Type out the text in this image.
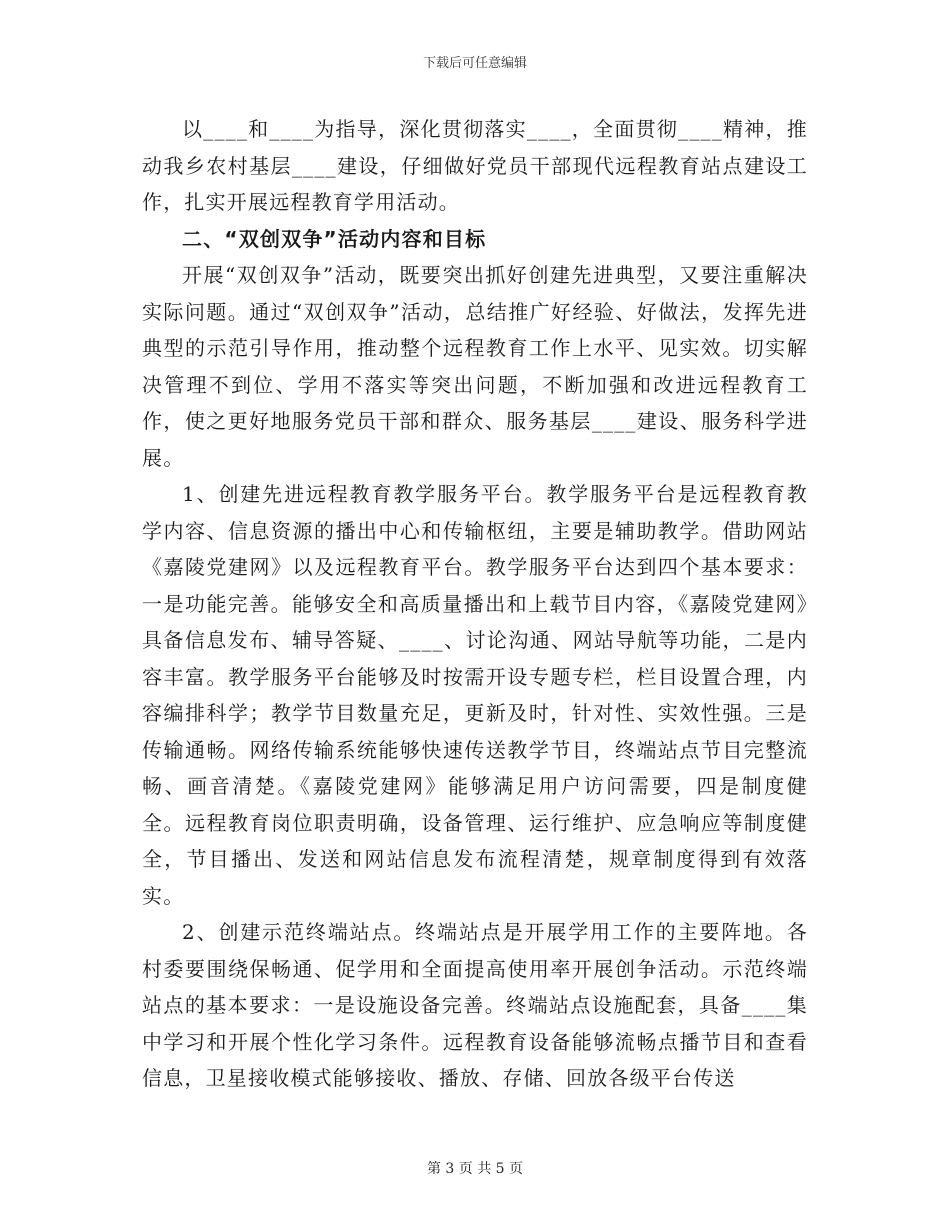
下载后可任意编辑

以____和____为指导，深化贯彻落实____，全面贯彻____精神，推动我乡农村基层____建设，仔细做好党员干部现代远程教育站点建设工作，扎实开展远程教育学用活动。

二、“双创双争”活动内容和目标

开展“双创双争”活动，既要突出抓好创建先进典型，又要注重解决实际问题。通过“双创双争”活动，总结推广好经验、好做法，发挥先进典型的示范引导作用，推动整个远程教育工作上水平、见实效。切实解决管理不到位、学用不落实等突出问题，不断加强和改进远程教育工作，使之更好地服务党员干部和群众、服务基层____建设、服务科学进展。

1、创建先进远程教育教学服务平台。教学服务平台是远程教育教学内容、信息资源的播出中心和传输枢纽，主要是辅助教学。借助网站《嘉陵党建网》以及远程教育平台。教学服务平台达到四个基本要求：一是功能完善。能够安全和高质量播出和上载节目内容，《嘉陵党建网》具备信息发布、辅导答疑、____、讨论沟通、网站导航等功能，二是内容丰富。教学服务平台能够及时按需开设专题专栏，栏目设置合理，内容编排科学；教学节目数量充足，更新及时，针对性、实效性强。三是传输通畅。网络传输系统能够快速传送教学节目，终端站点节目完整流畅、画音清楚。《嘉陵党建网》能够满足用户访问需要，四是制度健全。远程教育岗位职责明确，设备管理、运行维护、应急响应等制度健全，节目播出、发送和网站信息发布流程清楚，规章制度得到有效落实。

2、创建示范终端站点。终端站点是开展学用工作的主要阵地。各村委要围绕保畅通、促学用和全面提高使用率开展创争活动。示范终端站点的基本要求：一是设施设备完善。终端站点设施配套，具备____集中学习和开展个性化学习条件。远程教育设备能够流畅点播节目和查看信息，卫星接收模式能够接收、播放、存储、回放各级平台传送

第 3 页 共 5 页
